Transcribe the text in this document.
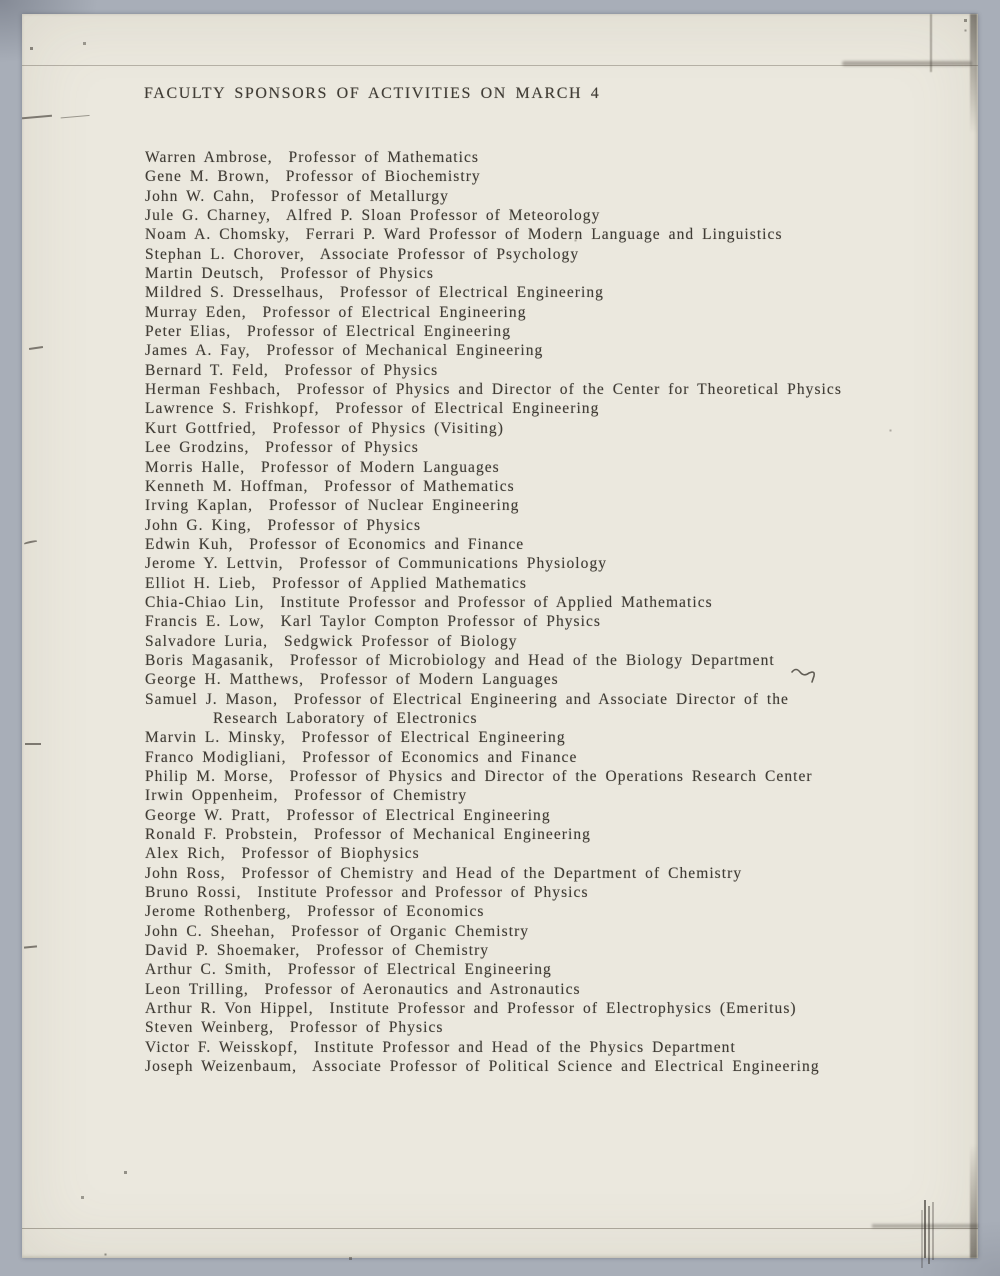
FACULTY SPONSORS OF ACTIVITIES ON MARCH 4
Warren Ambrose,  Professor of Mathematics
Gene M. Brown,  Professor of Biochemistry
John W. Cahn,  Professor of Metallurgy
Jule G. Charney,  Alfred P. Sloan Professor of Meteorology
Noam A. Chomsky,  Ferrari P. Ward Professor of Modern Language and Linguistics
Stephan L. Chorover,  Associate Professor of Psychology
Martin Deutsch,  Professor of Physics
Mildred S. Dresselhaus,  Professor of Electrical Engineering
Murray Eden,  Professor of Electrical Engineering
Peter Elias,  Professor of Electrical Engineering
James A. Fay,  Professor of Mechanical Engineering
Bernard T. Feld,  Professor of Physics
Herman Feshbach,  Professor of Physics and Director of the Center for Theoretical Physics
Lawrence S. Frishkopf,  Professor of Electrical Engineering
Kurt Gottfried,  Professor of Physics (Visiting)
Lee Grodzins,  Professor of Physics
Morris Halle,  Professor of Modern Languages
Kenneth M. Hoffman,  Professor of Mathematics
Irving Kaplan,  Professor of Nuclear Engineering
John G. King,  Professor of Physics
Edwin Kuh,  Professor of Economics and Finance
Jerome Y. Lettvin,  Professor of Communications Physiology
Elliot H. Lieb,  Professor of Applied Mathematics
Chia-Chiao Lin,  Institute Professor and Professor of Applied Mathematics
Francis E. Low,  Karl Taylor Compton Professor of Physics
Salvadore Luria,  Sedgwick Professor of Biology
Boris Magasanik,  Professor of Microbiology and Head of the Biology Department
George H. Matthews,  Professor of Modern Languages
Samuel J. Mason,  Professor of Electrical Engineering and Associate Director of the
Research Laboratory of Electronics
Marvin L. Minsky,  Professor of Electrical Engineering
Franco Modigliani,  Professor of Economics and Finance
Philip M. Morse,  Professor of Physics and Director of the Operations Research Center
Irwin Oppenheim,  Professor of Chemistry
George W. Pratt,  Professor of Electrical Engineering
Ronald F. Probstein,  Professor of Mechanical Engineering
Alex Rich,  Professor of Biophysics
John Ross,  Professor of Chemistry and Head of the Department of Chemistry
Bruno Rossi,  Institute Professor and Professor of Physics
Jerome Rothenberg,  Professor of Economics
John C. Sheehan,  Professor of Organic Chemistry
David P. Shoemaker,  Professor of Chemistry
Arthur C. Smith,  Professor of Electrical Engineering
Leon Trilling,  Professor of Aeronautics and Astronautics
Arthur R. Von Hippel,  Institute Professor and Professor of Electrophysics (Emeritus)
Steven Weinberg,  Professor of Physics
Victor F. Weisskopf,  Institute Professor and Head of the Physics Department
Joseph Weizenbaum,  Associate Professor of Political Science and Electrical Engineering
